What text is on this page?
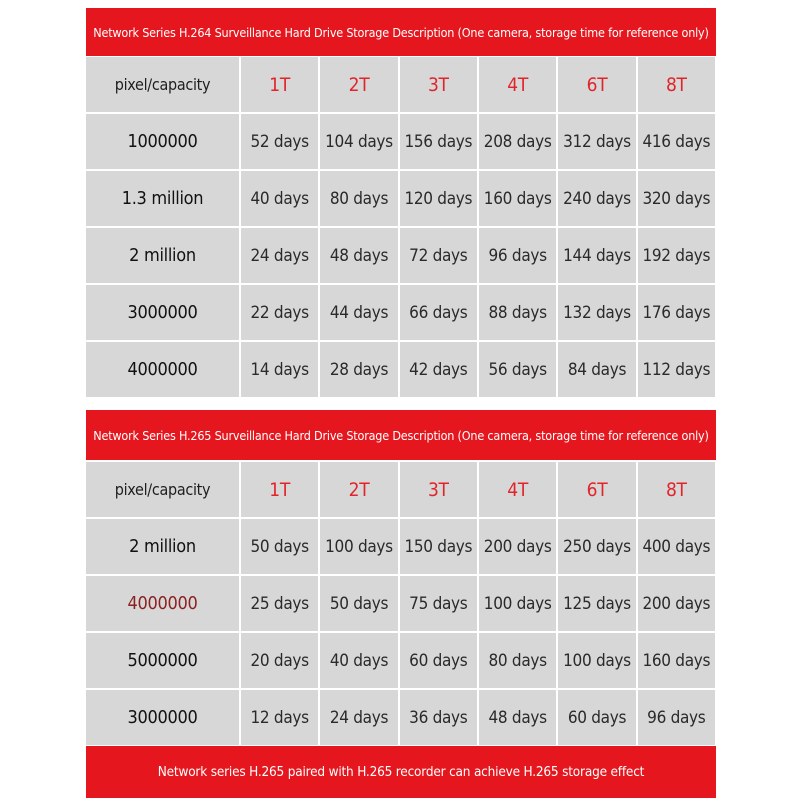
Network Series H.264 Surveillance Hard Drive Storage Description (One camera, storage time for reference only)
pixel/capacity	1T	2T	3T	4T	6T	8T
1000000	52 days 104 days 156 days 208 days 312 days 416 days
1.3 million	40 days	80 days 120 days 160 days 240 days 320 days
2 million	24 days	48 days	72 days	96 days 144 days 192 days
3000000	22 days	44 days	66 days	88 days 132 days 176 days
4000000	14 days	28 days	42 days	56 days	84 days 112 days
Network Series H.265 Surveillance Hard Drive Storage Description (One camera, storage time for reference only)
pixel/capacity	1T	2T	3T	4T	6T	8T
2 million	50 days 100 days 150 days 200 days 250 days 400 days
4000000	25 days	50 days	75 days 100 days 125 days 200 days
5000000	20 days	40 days	60 days	80 days 100 days 160 days
3000000	12 days	24 days	36 days	48 days	60 days	96 days
Network series H.265 paired with H.265 recorder can achieve H.265 storage effect
